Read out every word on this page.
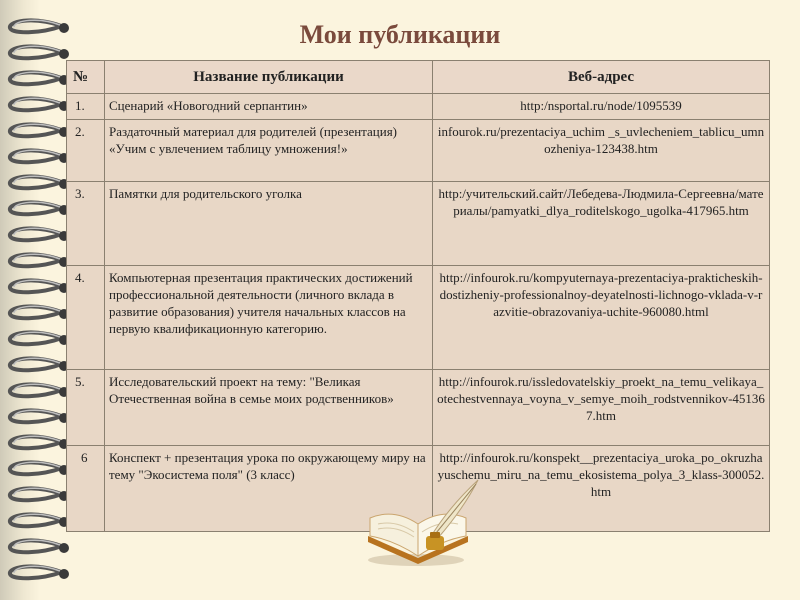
Мои публикации
№	Название публикации	Веб-адрес
1.	Сценарий «Новогодний серпантин»	http:/nsportal.ru/node/1095539
2.	Раздаточный материал для родителей (презентация) «Учим с увлечением таблицу умножения!»	infourok.ru/prezentaciya_uchim _s_uvlecheniem_tablicu_umnozheniya-123438.htm
3.	Памятки для родительского уголка	http:/учительский.сайт/Лебедева-Людмила-Сергеевна/материалы/pamyatki_dlya_roditelskogo_ugolka-417965.htm
4.	Компьютерная презентация практических достижений профессиональной деятельности (личного вклада в развитие образования) учителя начальных классов на первую квалификационную категорию.	http://infourok.ru/kompyuternaya-prezentaciya-prakticheskih-dostizheniy-professionalnoy-deyatelnosti-lichnogo-vklada-v-razvitie-obrazovaniya-uchite-960080.html
5.	Исследовательский проект на тему: "Великая Отечественная война в семье моих родственников»	http://infourok.ru/issledovatelskiy_proekt_na_temu_velikaya_otechestvennaya_voyna_v_semye_moih_rodstvennikov-451367.htm
6	Конспект + презентация урока по окружающему миру на тему "Экосистема поля" (3 класс)	http://infourok.ru/konspekt__prezentaciya_uroka_po_okruzhayuschemu_miru_na_temu_ekosistema_polya_3_klass-300052.htm
